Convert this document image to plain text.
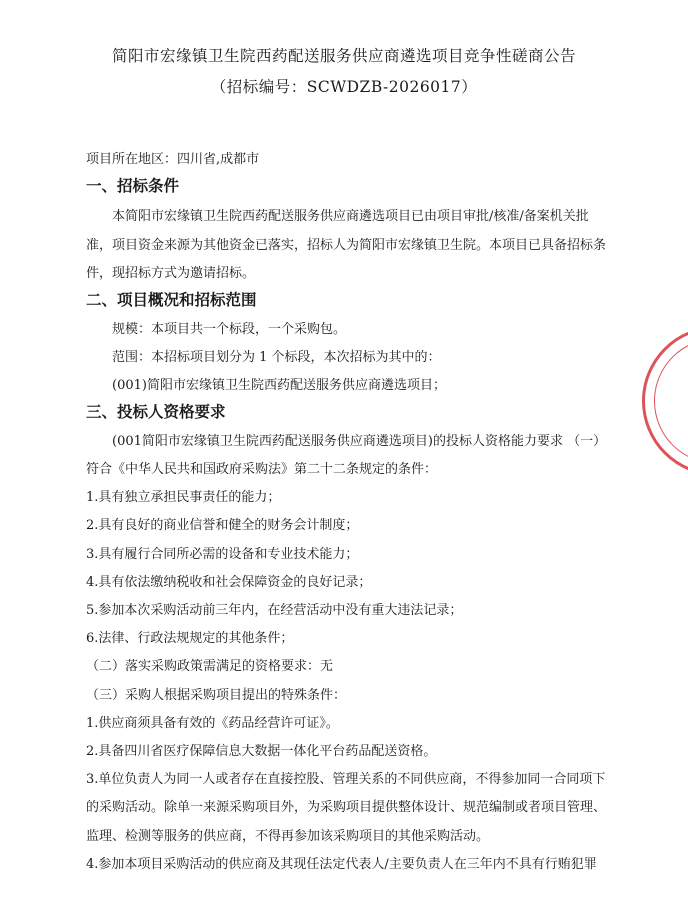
简阳市宏缘镇卫生院西药配送服务供应商遴选项目竞争性磋商公告
（招标编号：SCWDZB-2026017）
项目所在地区：四川省,成都市
一、招标条件
本简阳市宏缘镇卫生院西药配送服务供应商遴选项目已由项目审批/核准/备案机关批
准，项目资金来源为其他资金已落实，招标人为简阳市宏缘镇卫生院。本项目已具备招标条
件，现招标方式为邀请招标。
二、项目概况和招标范围
规模：本项目共一个标段，一个采购包。
范围：本招标项目划分为 1 个标段，本次招标为其中的：
(001)简阳市宏缘镇卫生院西药配送服务供应商遴选项目；
三、投标人资格要求
(001简阳市宏缘镇卫生院西药配送服务供应商遴选项目)的投标人资格能力要求 （一）
符合《中华人民共和国政府采购法》第二十二条规定的条件：
1.具有独立承担民事责任的能力；
2.具有良好的商业信誉和健全的财务会计制度；
3.具有履行合同所必需的设备和专业技术能力；
4.具有依法缴纳税收和社会保障资金的良好记录；
5.参加本次采购活动前三年内，在经营活动中没有重大违法记录；
6.法律、行政法规规定的其他条件；
（二）落实采购政策需满足的资格要求：无
（三）采购人根据采购项目提出的特殊条件：
1.供应商须具备有效的《药品经营许可证》。
2.具备四川省医疗保障信息大数据一体化平台药品配送资格。
3.单位负责人为同一人或者存在直接控股、管理关系的不同供应商，不得参加同一合同项下
的采购活动。除单一来源采购项目外，为采购项目提供整体设计、规范编制或者项目管理、
监理、检测等服务的供应商，不得再参加该采购项目的其他采购活动。
4.参加本项目采购活动的供应商及其现任法定代表人/主要负责人在三年内不具有行贿犯罪
